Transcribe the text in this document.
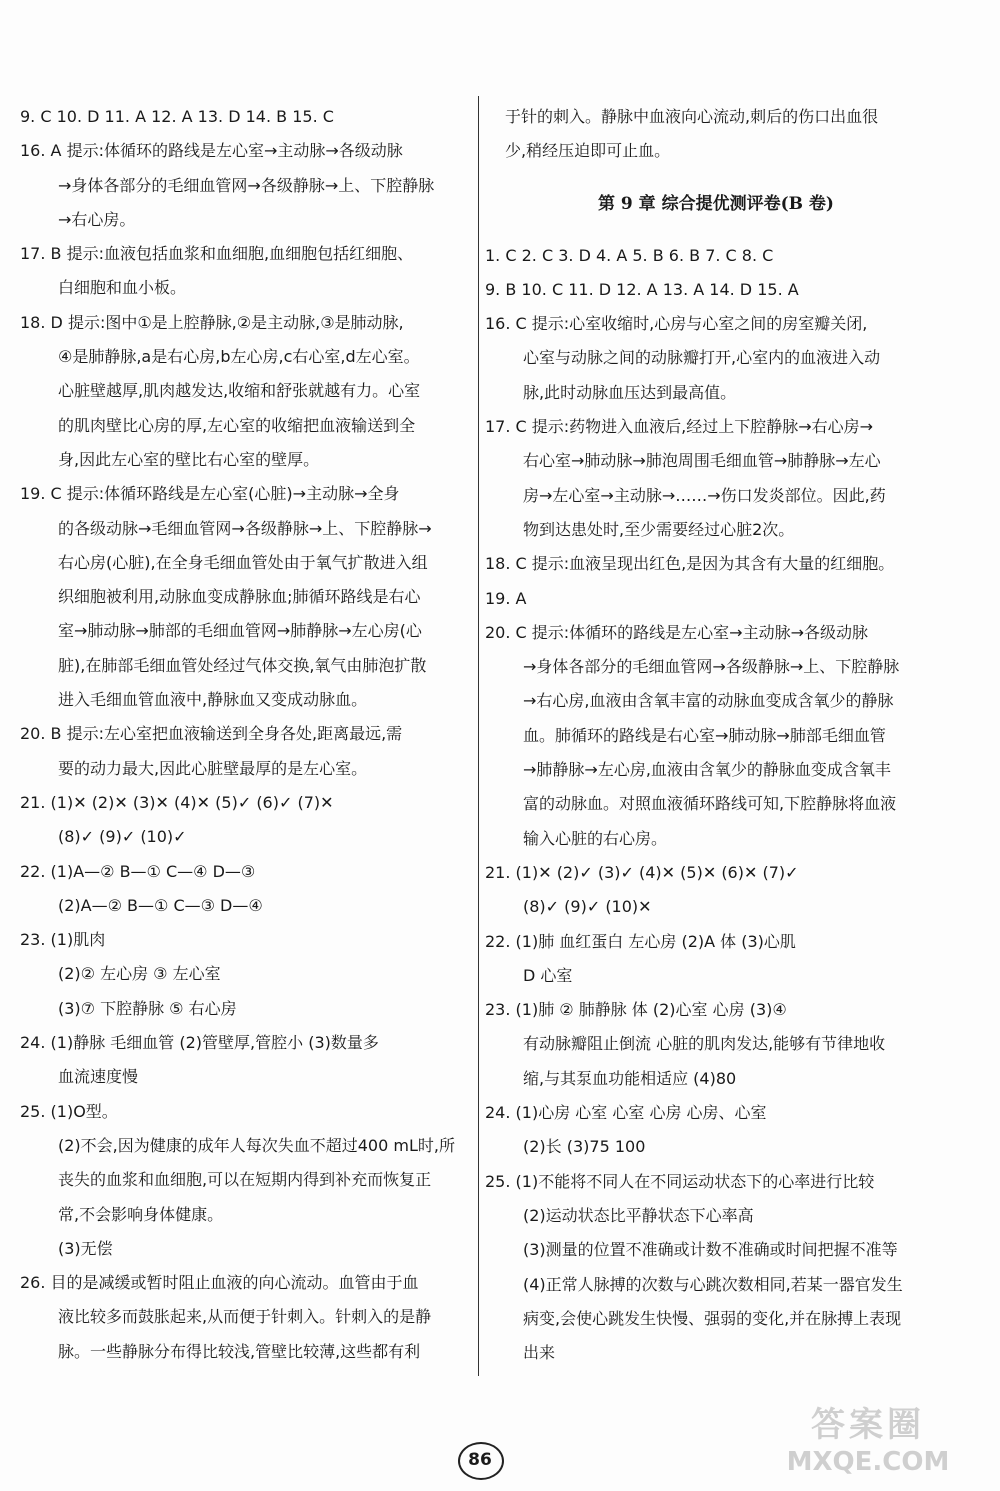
9. C 10. D 11. A 12. A 13. D 14. B 15. C
16. A 提示:体循环的路线是左心室→主动脉→各级动脉
→身体各部分的毛细血管网→各级静脉→上、下腔静脉
→右心房。
17. B 提示:血液包括血浆和血细胞,血细胞包括红细胞、
白细胞和血小板。
18. D 提示:图中①是上腔静脉,②是主动脉,③是肺动脉,
④是肺静脉,a是右心房,b左心房,c右心室,d左心室。
心脏壁越厚,肌肉越发达,收缩和舒张就越有力。心室
的肌肉壁比心房的厚,左心室的收缩把血液输送到全
身,因此左心室的壁比右心室的壁厚。
19. C 提示:体循环路线是左心室(心脏)→主动脉→全身
的各级动脉→毛细血管网→各级静脉→上、下腔静脉→
右心房(心脏),在全身毛细血管处由于氧气扩散进入组
织细胞被利用,动脉血变成静脉血;肺循环路线是右心
室→肺动脉→肺部的毛细血管网→肺静脉→左心房(心
脏),在肺部毛细血管处经过气体交换,氧气由肺泡扩散
进入毛细血管血液中,静脉血又变成动脉血。
20. B 提示:左心室把血液输送到全身各处,距离最远,需
要的动力最大,因此心脏壁最厚的是左心室。
21. (1)✕ (2)✕ (3)✕ (4)✕ (5)✓ (6)✓ (7)✕
(8)✓ (9)✓ (10)✓
22. (1)A—② B—① C—④ D—③
(2)A—② B—① C—③ D—④
23. (1)肌肉
(2)② 左心房 ③ 左心室
(3)⑦ 下腔静脉 ⑤ 右心房
24. (1)静脉 毛细血管 (2)管壁厚,管腔小 (3)数量多
血流速度慢
25. (1)O型。
(2)不会,因为健康的成年人每次失血不超过400 mL时,所
丧失的血浆和血细胞,可以在短期内得到补充而恢复正
常,不会影响身体健康。
(3)无偿
26. 目的是减缓或暂时阻止血液的向心流动。血管由于血
液比较多而鼓胀起来,从而便于针刺入。针刺入的是静
脉。一些静脉分布得比较浅,管壁比较薄,这些都有利
于针的刺入。静脉中血液向心流动,刺后的伤口出血很
少,稍经压迫即可止血。
第 9 章 综合提优测评卷(B 卷)
1. C 2. C 3. D 4. A 5. B 6. B 7. C 8. C
9. B 10. C 11. D 12. A 13. A 14. D 15. A
16. C 提示:心室收缩时,心房与心室之间的房室瓣关闭,
心室与动脉之间的动脉瓣打开,心室内的血液进入动
脉,此时动脉血压达到最高值。
17. C 提示:药物进入血液后,经过上下腔静脉→右心房→
右心室→肺动脉→肺泡周围毛细血管→肺静脉→左心
房→左心室→主动脉→……→伤口发炎部位。因此,药
物到达患处时,至少需要经过心脏2次。
18. C 提示:血液呈现出红色,是因为其含有大量的红细胞。
19. A
20. C 提示:体循环的路线是左心室→主动脉→各级动脉
→身体各部分的毛细血管网→各级静脉→上、下腔静脉
→右心房,血液由含氧丰富的动脉血变成含氧少的静脉
血。肺循环的路线是右心室→肺动脉→肺部毛细血管
→肺静脉→左心房,血液由含氧少的静脉血变成含氧丰
富的动脉血。对照血液循环路线可知,下腔静脉将血液
输入心脏的右心房。
21. (1)✕ (2)✓ (3)✓ (4)✕ (5)✕ (6)✕ (7)✓
(8)✓ (9)✓ (10)✕
22. (1)肺 血红蛋白 左心房 (2)A 体 (3)心肌
D 心室
23. (1)肺 ② 肺静脉 体 (2)心室 心房 (3)④
有动脉瓣阻止倒流 心脏的肌肉发达,能够有节律地收
缩,与其泵血功能相适应 (4)80
24. (1)心房 心室 心室 心房 心房、心室
(2)长 (3)75 100
25. (1)不能将不同人在不同运动状态下的心率进行比较
(2)运动状态比平静状态下心率高
(3)测量的位置不准确或计数不准确或时间把握不准等
(4)正常人脉搏的次数与心跳次数相同,若某一器官发生
病变,会使心跳发生快慢、强弱的变化,并在脉搏上表现
出来
86
答案圈
MXQE.COM
